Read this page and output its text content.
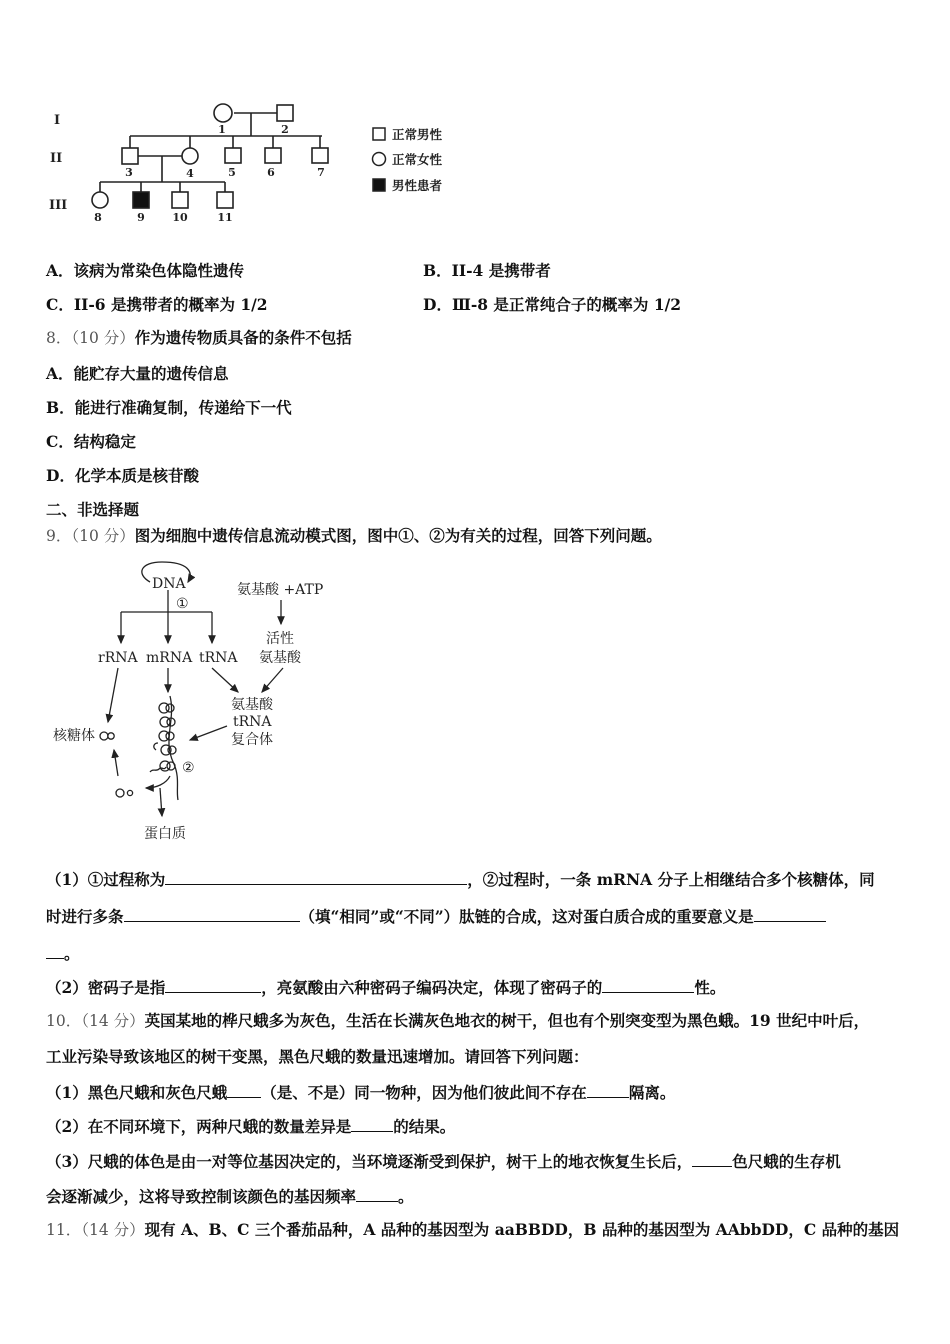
I
II
III
1	2
3	4	5	6	7
8	9	10	11
正常男性
正常女性
男性患者
A．该病为常染色体隐性遗传	B．II-4 是携带者
C．II-6 是携带者的概率为 1/2	D．Ⅲ-8 是正常纯合子的概率为 1/2
8．（10 分）作为遗传物质具备的条件不包括
A．能贮存大量的遗传信息
B．能进行准确复制，传递给下一代
C．结构稳定
D．化学本质是核苷酸
二、非选择题
9．（10 分）图为细胞中遗传信息流动模式图，图中①、②为有关的过程，回答下列问题。
DNA
①
rRNA mRNA tRNA
氨基酸 +ATP
活性
氨基酸
氨基酸
tRNA
复合体
核糖体
②
蛋白质
（1）①过程称为	，②过程时，一条 mRNA 分子上相继结合多个核糖体，同
时进行多条	（填“相同”或“不同”）肽链的合成，这对蛋白质合成的重要意义是
。
（2）密码子是指	，亮氨酸由六种密码子编码决定，体现了密码子的	性。
10．（14 分）英国某地的桦尺蛾多为灰色，生活在长满灰色地衣的树干，但也有个别突变型为黑色蛾。19 世纪中叶后，
工业污染导致该地区的树干变黑，黑色尺蛾的数量迅速增加。请回答下列问题：
（1）黑色尺蛾和灰色尺蛾 （是、不是）同一物种，因为他们彼此间不存在	隔离。
（2）在不同环境下，两种尺蛾的数量差异是	的结果。
（3）尺蛾的体色是由一对等位基因决定的，当环境逐渐受到保护，树干上的地衣恢复生长后，	色尺蛾的生存机
会逐渐减少，这将导致控制该颜色的基因频率	。
11．（14 分）现有 A、B、C 三个番茄品种，A 品种的基因型为 aaBBDD，B 品种的基因型为 AAbbDD，C 品种的基因
